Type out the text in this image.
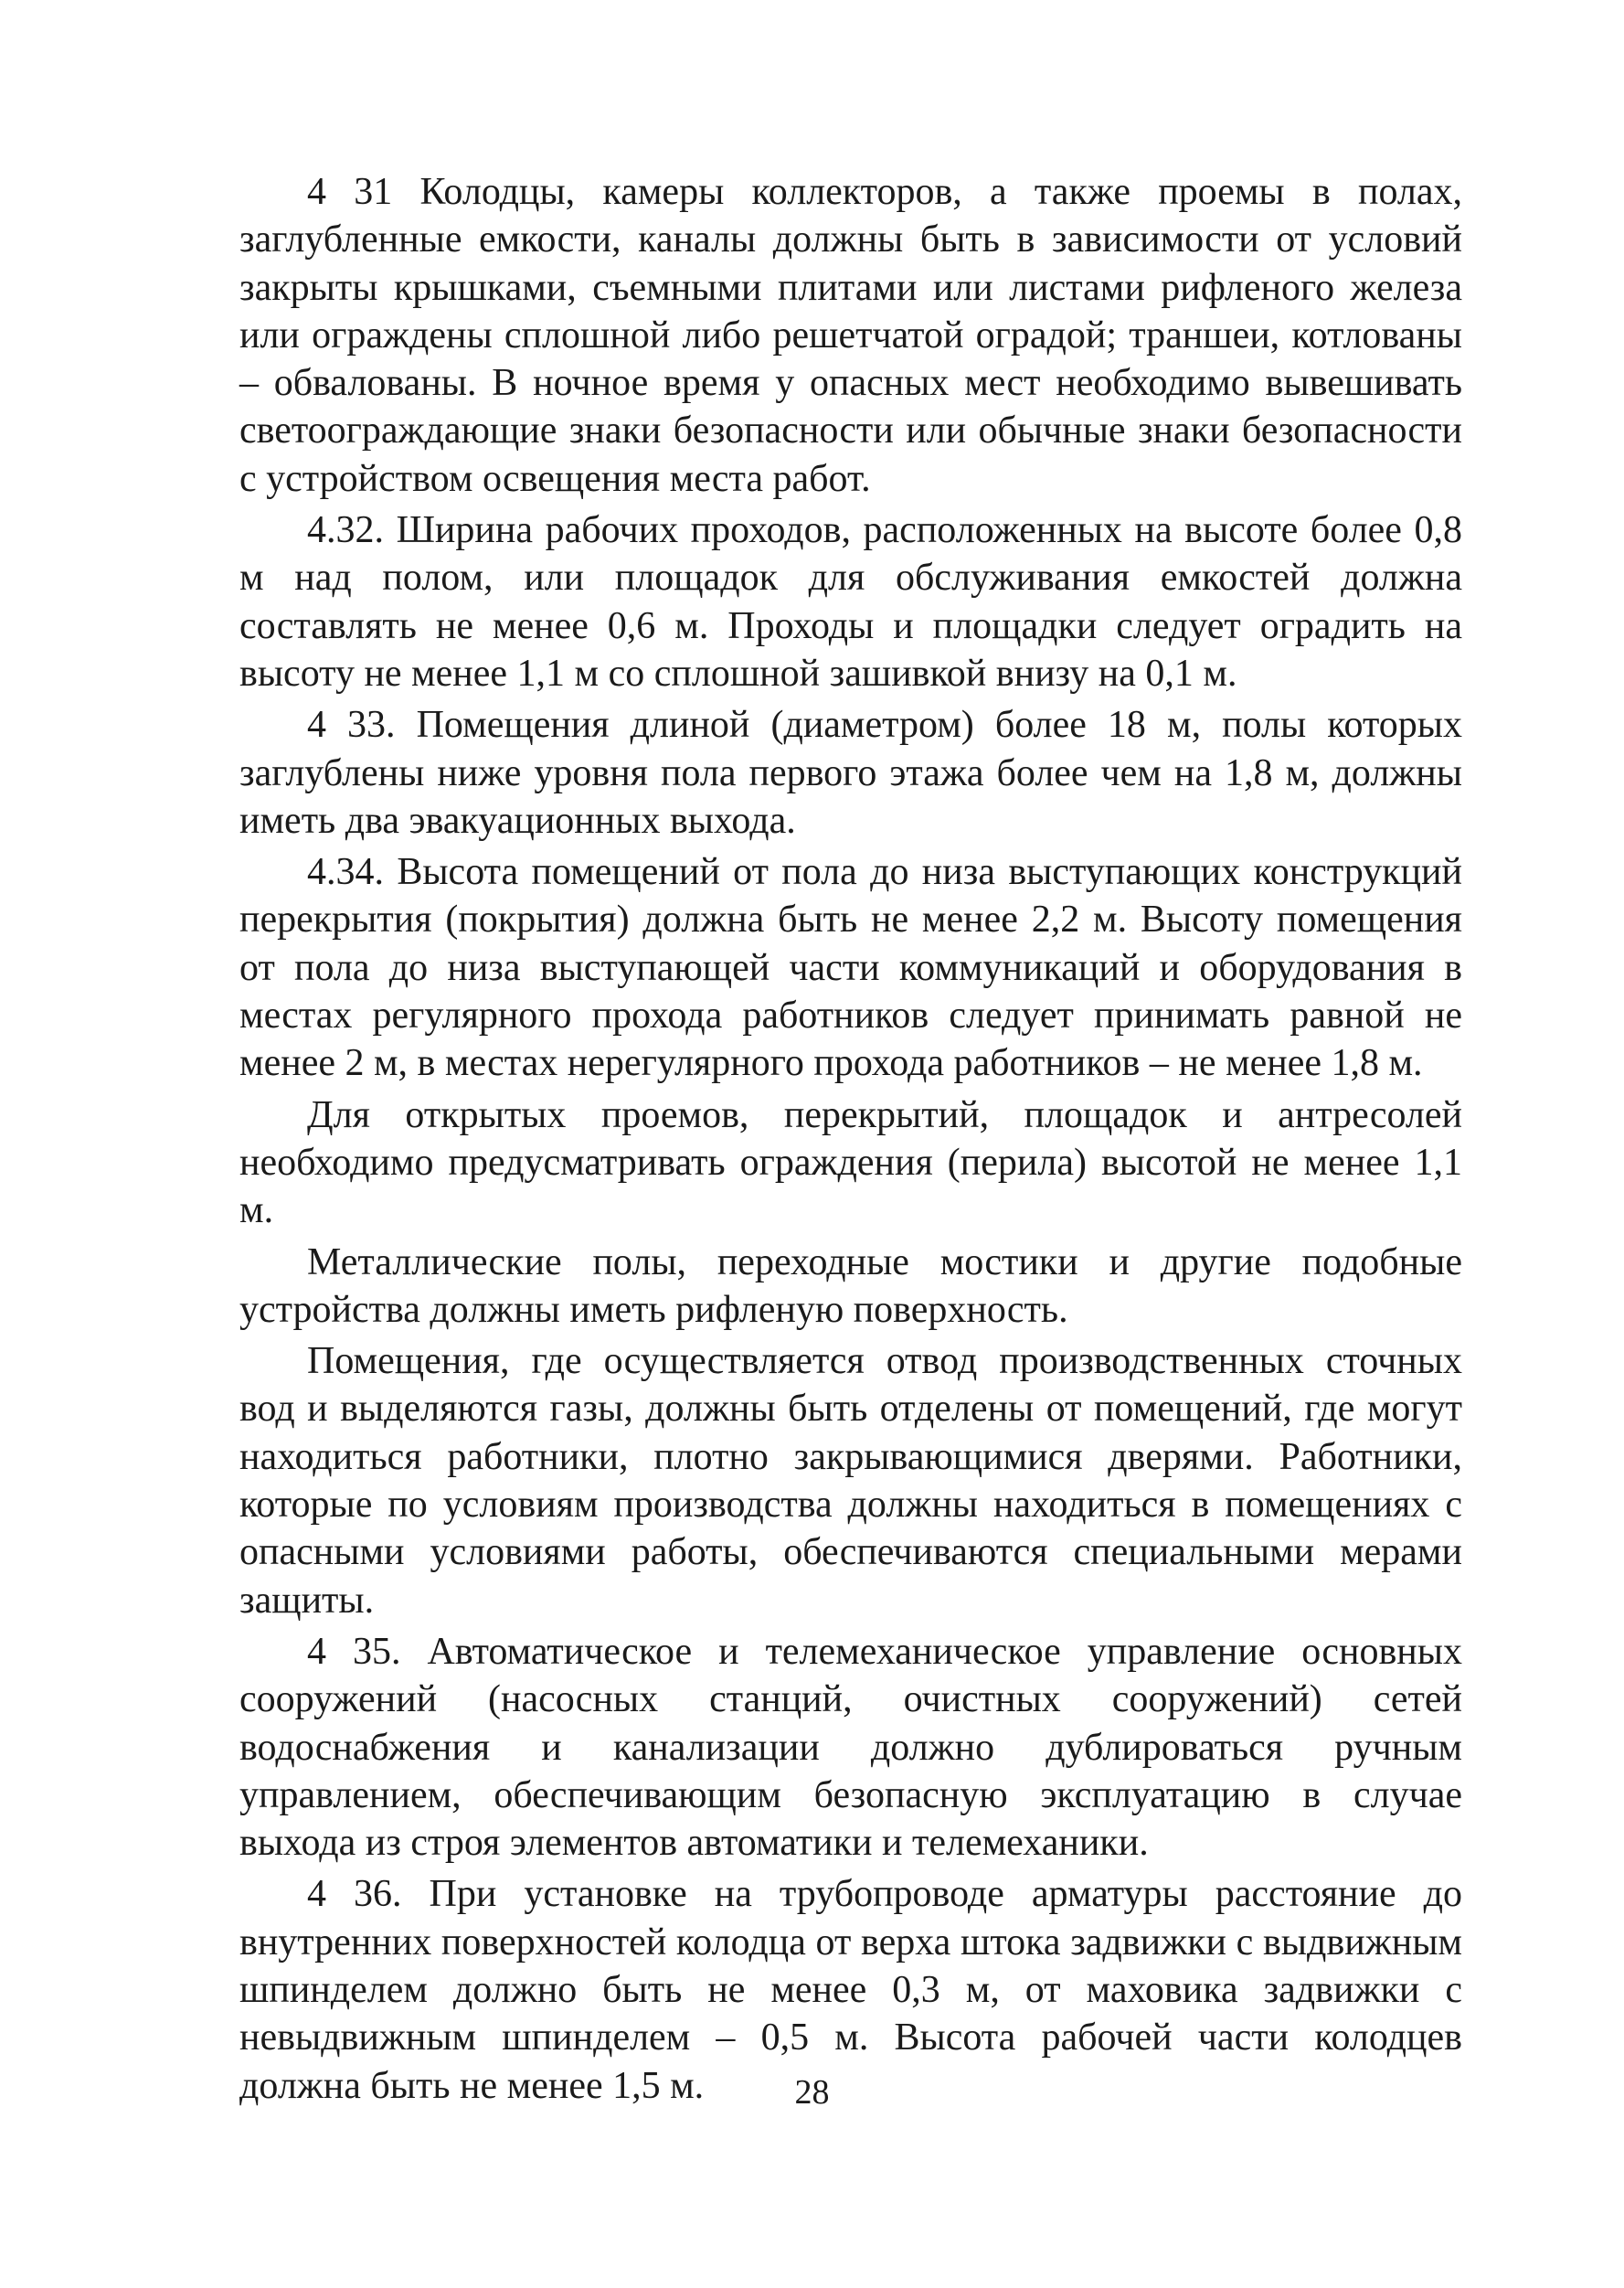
4 31 Колодцы, камеры коллекторов, а также проемы в полах, заглубленные емкости, каналы должны быть в зависимости от условий закрыты крышками, съемными плитами или листами рифленого железа или ограждены сплошной либо решетчатой оградой; траншеи, котлованы – обвалованы. В ночное время у опасных мест необходимо вывешивать светоограждающие знаки безопасности или обычные знаки безопасности с устройством освещения места работ.

4.32. Ширина рабочих проходов, расположенных на высоте более 0,8 м над полом, или площадок для обслуживания емкостей должна составлять не менее 0,6 м. Проходы и площадки следует оградить на высоту не менее 1,1 м со сплошной зашивкой внизу на 0,1 м.

4 33. Помещения длиной (диаметром) более 18 м, полы которых заглублены ниже уровня пола первого этажа более чем на 1,8 м, должны иметь два эвакуационных выхода.

4.34. Высота помещений от пола до низа выступающих конструкций перекрытия (покрытия) должна быть не менее 2,2 м. Высоту помещения от пола до низа выступающей части коммуникаций и оборудования в местах регулярного прохода работников следует принимать равной не менее 2 м, в местах нерегулярного прохода работников – не менее 1,8 м.

Для открытых проемов, перекрытий, площадок и антресолей необходимо предусматривать ограждения (перила) высотой не менее 1,1 м.

Металлические полы, переходные мостики и другие подобные устройства должны иметь рифленую поверхность.

Помещения, где осуществляется отвод производственных сточных вод и выделяются газы, должны быть отделены от помещений, где могут находиться работники, плотно закрывающимися дверями. Работники, которые по условиям производства должны находиться в помещениях с опасными условиями работы, обеспечиваются специальными мерами защиты.

4 35. Автоматическое и телемеханическое управление основных сооружений (насосных станций, очистных сооружений) сетей водоснабжения и канализации должно дублироваться ручным управлением, обеспечивающим безопасную эксплуатацию в случае выхода из строя элементов автоматики и телемеханики.

4 36. При установке на трубопроводе арматуры расстояние до внутренних поверхностей колодца от верха штока задвижки с выдвижным шпинделем должно быть не менее 0,3 м, от маховика задвижки с невыдвижным шпинделем – 0,5 м. Высота рабочей части колодцев должна быть не менее 1,5 м.	28
